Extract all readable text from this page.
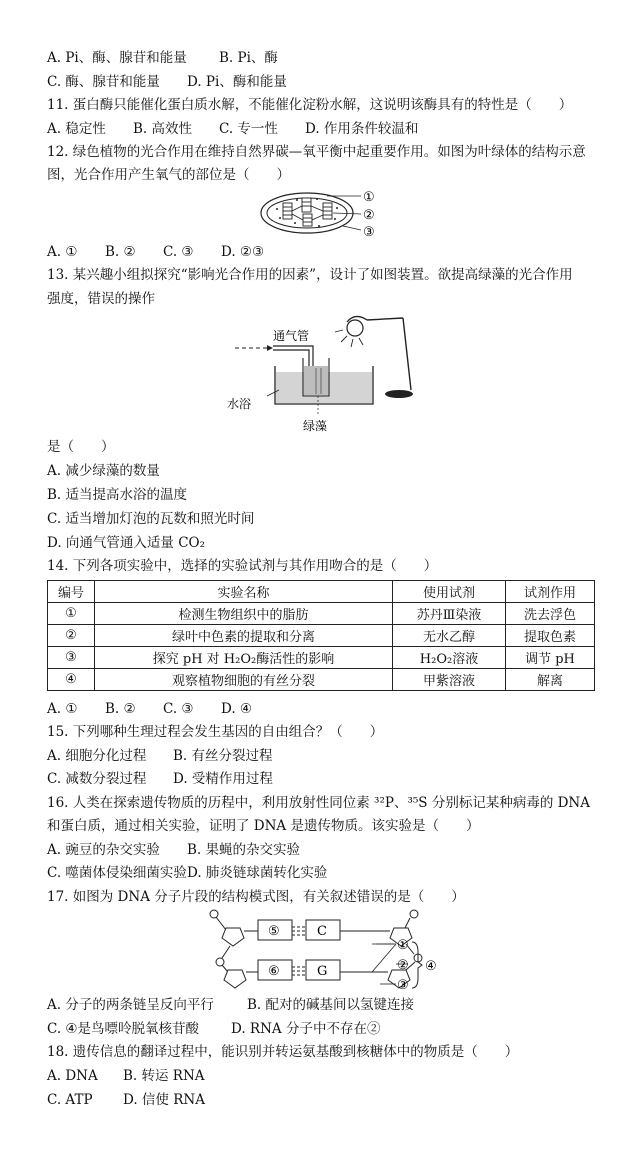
A. Pi、酶、腺苷和能量 B. Pi、酶
C. 酶、腺苷和能量 D. Pi、酶和能量
11. 蛋白酶只能催化蛋白质水解，不能催化淀粉水解，这说明该酶具有的特性是（　　）
A. 稳定性 B. 高效性 C. 专一性 D. 作用条件较温和
12. 绿色植物的光合作用在维持自然界碳—氧平衡中起重要作用。如图为叶绿体的结构示意
图，光合作用产生氧气的部位是（　　）
①
②
③
A. ① B. ② C. ③ D. ②③
13. 某兴趣小组拟探究“影响光合作用的因素”，设计了如图装置。欲提高绿藻的光合作用
强度，错误的操作
通气管
水浴
绿藻
是（　　）
A. 减少绿藻的数量
B. 适当提高水浴的温度
C. 适当增加灯泡的瓦数和照光时间
D. 向通气管通入适量 CO₂
14. 下列各项实验中，选择的实验试剂与其作用吻合的是（　　）
编号	实验名称	使用试剂	试剂作用
①	检测生物组织中的脂肪	苏丹Ⅲ染液	洗去浮色
②	绿叶中色素的提取和分离	无水乙醇	提取色素
③	探究 pH 对 H₂O₂酶活性的影响	H₂O₂溶液	调节 pH
④	观察植物细胞的有丝分裂	甲紫溶液	解离
A. ① B. ② C. ③ D. ④
15. 下列哪种生理过程会发生基因的自由组合？（　　）
A. 细胞分化过程 B. 有丝分裂过程
C. 减数分裂过程 D. 受精作用过程
16. 人类在探索遗传物质的历程中，利用放射性同位素 ³²P、³⁵S 分别标记某种病毒的 DNA
和蛋白质，通过相关实验，证明了 DNA 是遗传物质。该实验是（　　）
A. 豌豆的杂交实验 B. 果蝇的杂交实验
C. 噬菌体侵染细菌实验D. 肺炎链球菌转化实验
17. 如图为 DNA 分子片段的结构模式图，有关叙述错误的是（　　）
⑤	C
⑥	G
①
②
③
④
A. 分子的两条链呈反向平行 B. 配对的碱基间以氢键连接
C. ④是鸟嘌呤脱氧核苷酸 D. RNA 分子中不存在②
18. 遗传信息的翻译过程中，能识别并转运氨基酸到核糖体中的物质是（　　）
A. DNA B. 转运 RNA
C. ATP D. 信使 RNA
